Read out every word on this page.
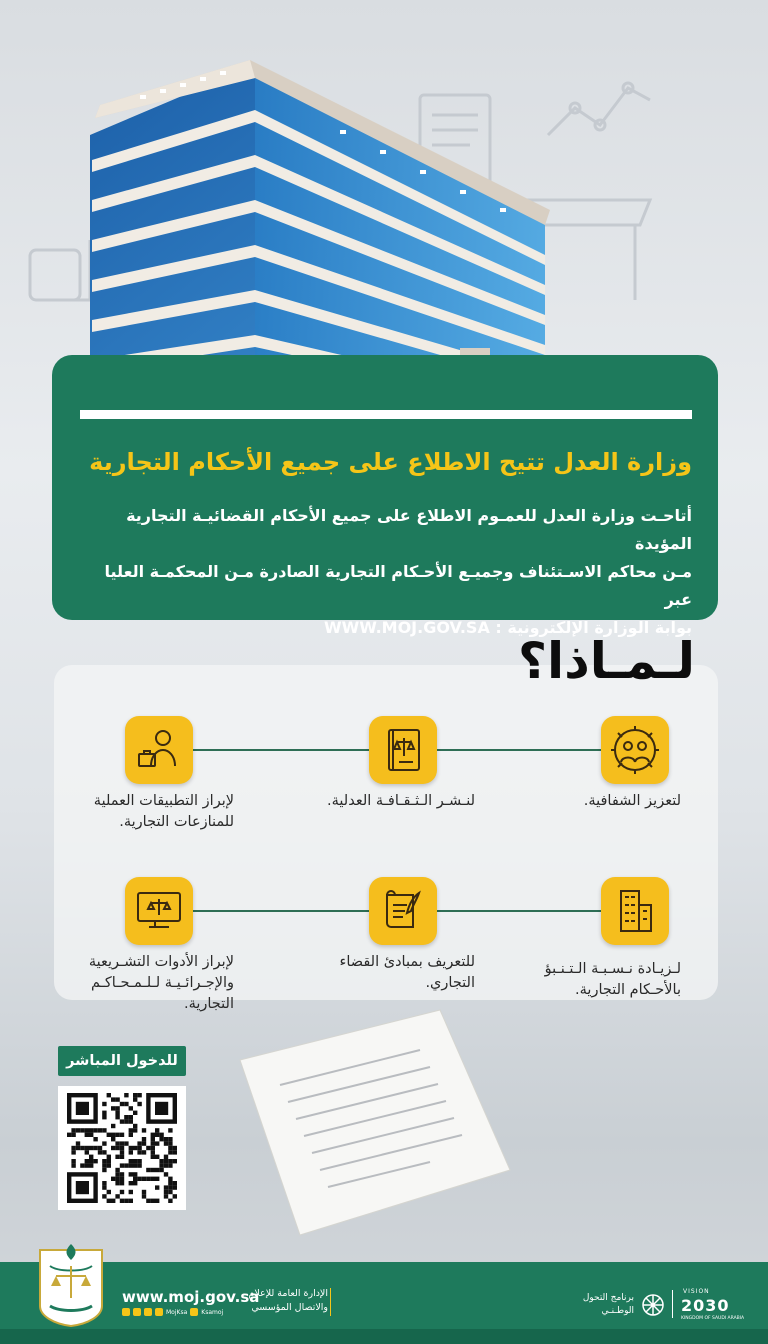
وزارة العدل تتيح الاطلاع على جميع الأحكام التجارية

أتاحـت وزارة العدل للعمـوم الاطلاع على جميع الأحكام القضائيـة التجارية المؤيدة

مـن محاكم الاسـتئناف وجميـع الأحـكام التجارية الصادرة مـن المحكمـة العليا عبر

بوابة الوزارة الإلكترونية : WWW.MOJ.GOV.SA

لـمـاذا؟
لتعزيز الشفافية.
لنـشـر الـثـقـافـة العدلية.
لإبراز التطبيقات العملية للمنازعات التجارية.
لـزيـادة نـسـبـة الـتـنـبؤ بالأحـكام التجارية.
للتعريف بمبادئ القضاء التجاري.
لإبراز الأدوات التشـريعية والإجـرائـيـة لـلـمـحـاكـم التجارية.
للدخول المباشر
www.moj.gov.sa
MojKsa Ksamoj
الإدارة العامة للإعلام
والاتصال المؤسسي
برنامج التحول
الوطـنـي
VISION
2030
KINGDOM OF SAUDI ARABIA
